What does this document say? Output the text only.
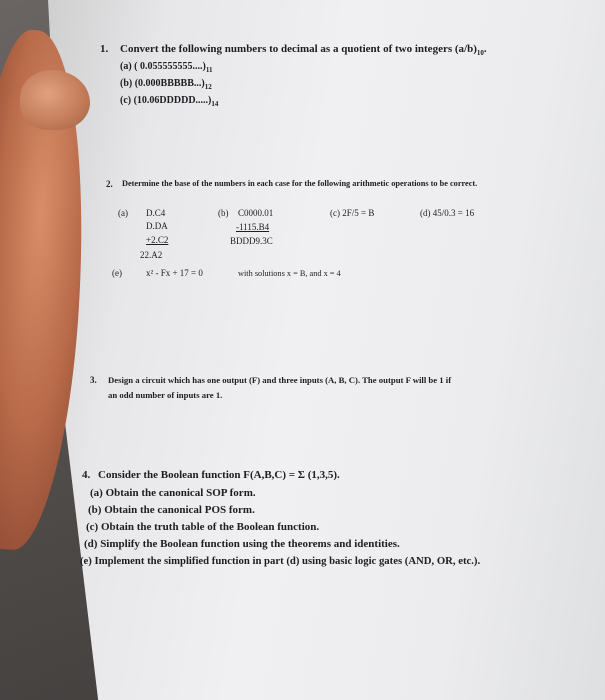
1. Convert the following numbers to decimal as a quotient of two integers $(a/b)_{10}$.
(a) ( $0.055555555....)_{11}$
(b) $(0.000BBBBB...)_{12}$
(c) $(10.06DDDDD.....)_{14}$
2. Determine the base of the numbers in each case for the following arithmetic operations to be correct.
(a) D.C4
D.DA
+2.C2
22.A2
(b) C0000.01
-1115.B4
BDDD9.3C
(c) 2F/5 = B	(d) 45/0.3 = 16
(e)	x² - Fx + 17 = 0	with solutions x = B, and x = 4
3. Design a circuit which has one output (F) and three inputs (A, B, C). The output F will be 1 if
an odd number of inputs are 1.
4. Consider the Boolean function F(A,B,C) = Σ (1,3,5).
(a) Obtain the canonical SOP form.
(b) Obtain the canonical POS form.
(c) Obtain the truth table of the Boolean function.
(d) Simplify the Boolean function using the theorems and identities.
(e) Implement the simplified function in part (d) using basic logic gates (AND, OR, etc.).
